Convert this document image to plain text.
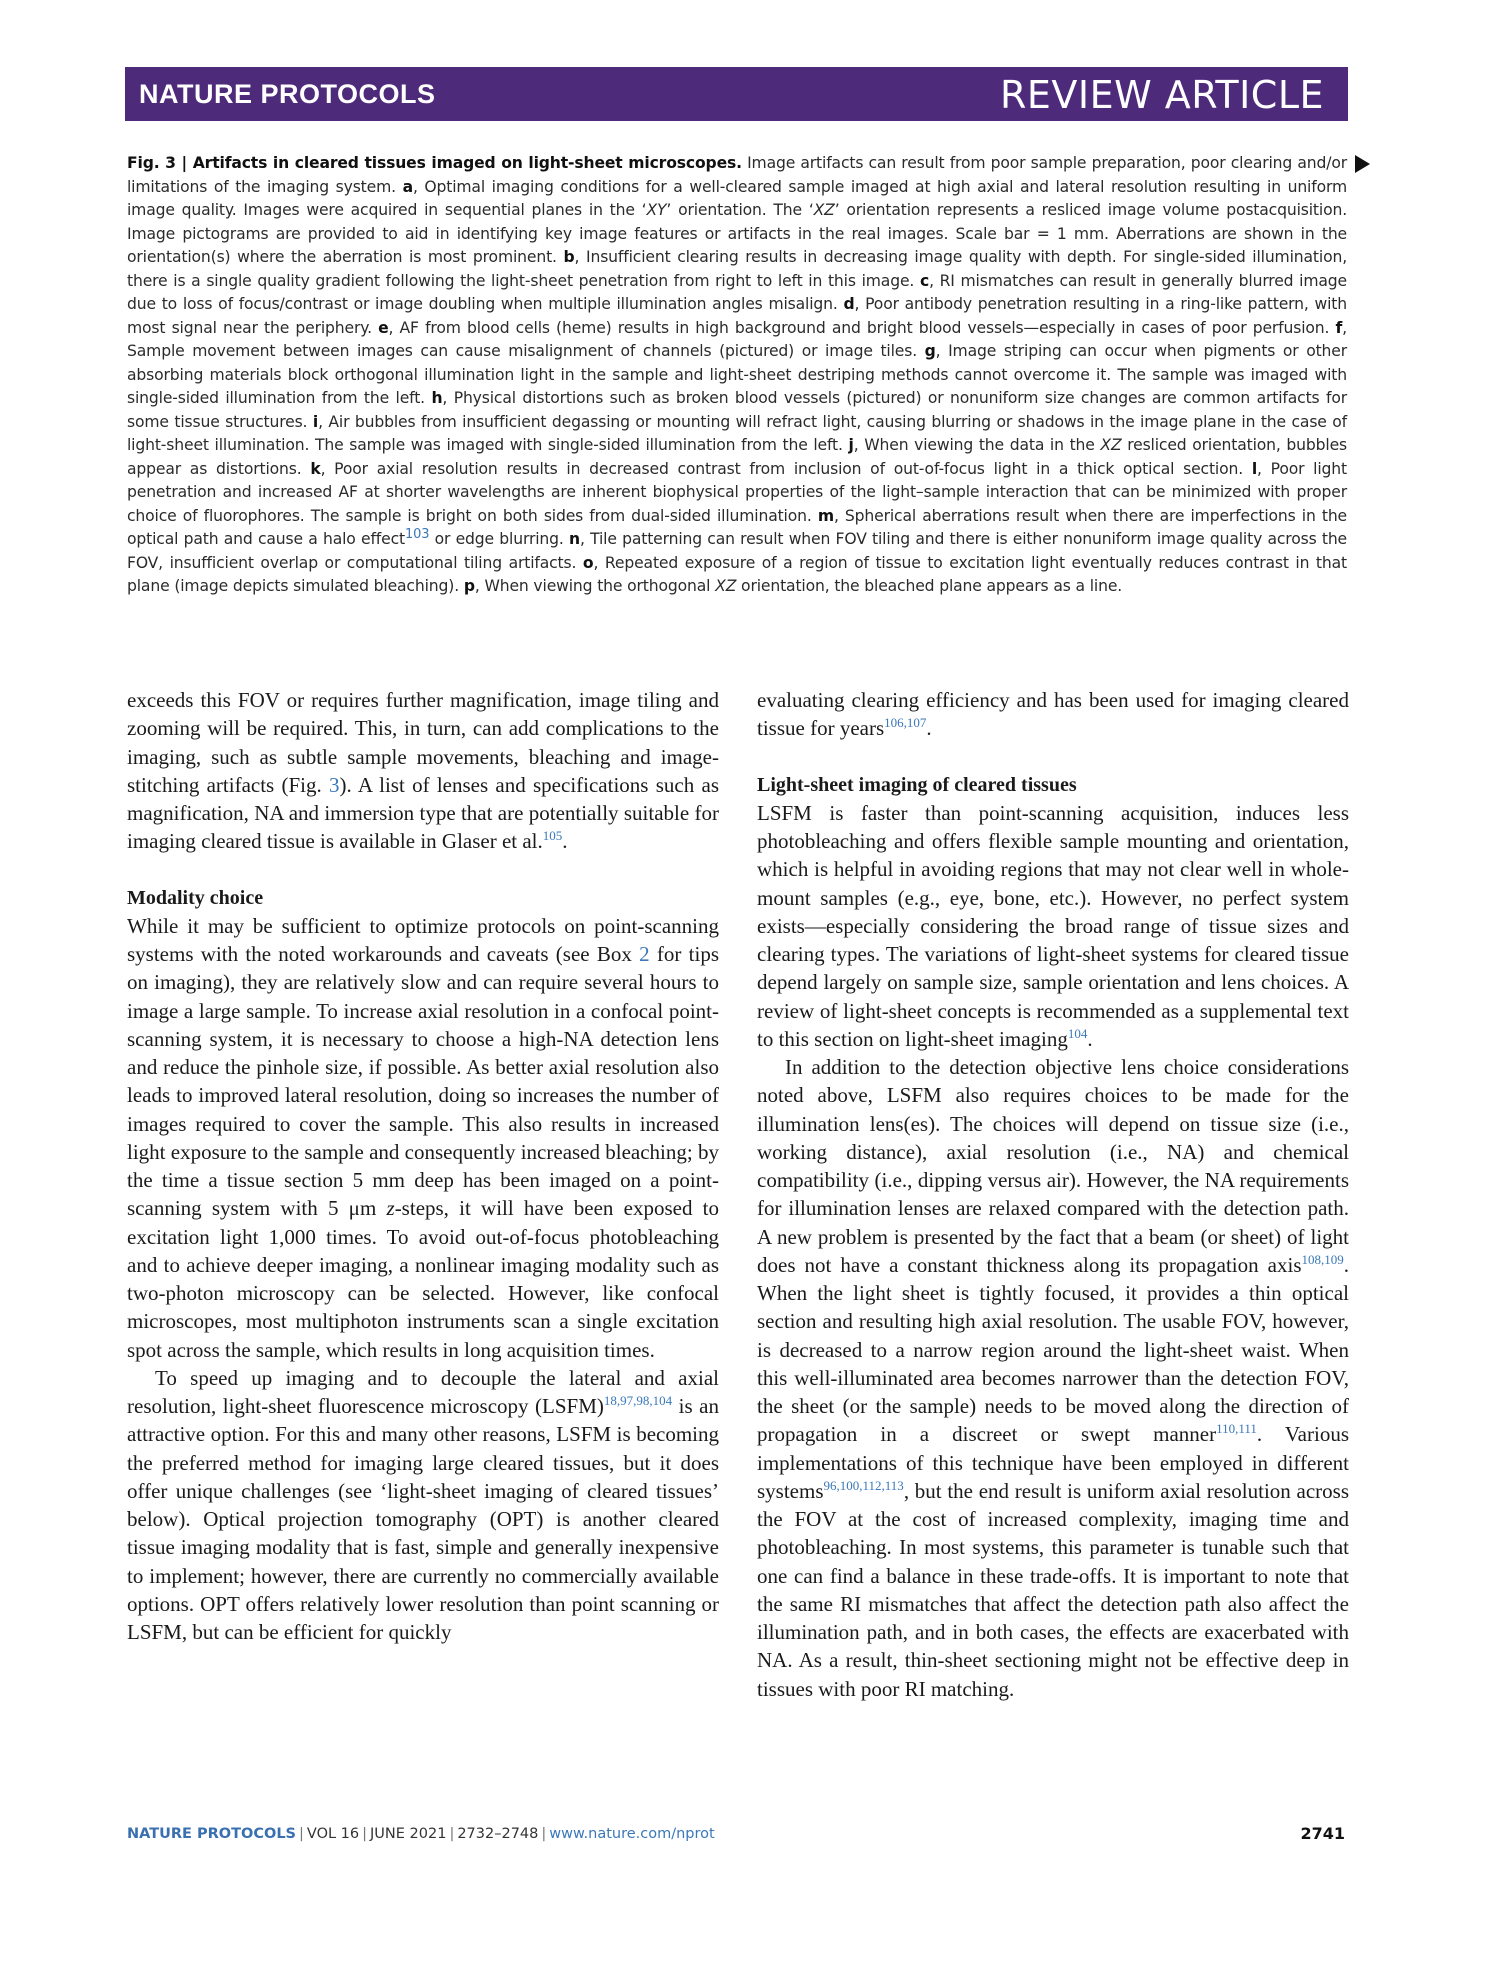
NATURE PROTOCOLS	REVIEW ARTICLE
Fig. 3 | Artifacts in cleared tissues imaged on light-sheet microscopes. Image artifacts can result from poor sample preparation, poor clearing and/or limitations of the imaging system. a, Optimal imaging conditions for a well-cleared sample imaged at high axial and lateral resolution resulting in uniform image quality. Images were acquired in sequential planes in the ‘XY’ orientation. The ‘XZ’ orientation represents a resliced image volume postacquisition. Image pictograms are provided to aid in identifying key image features or artifacts in the real images. Scale bar = 1 mm. Aberrations are shown in the orientation(s) where the aberration is most prominent. b, Insufficient clearing results in decreasing image quality with depth. For single-sided illumination, there is a single quality gradient following the light-sheet penetration from right to left in this image. c, RI mismatches can result in generally blurred image due to loss of focus/contrast or image doubling when multiple illumination angles misalign. d, Poor antibody penetration resulting in a ring-like pattern, with most signal near the periphery. e, AF from blood cells (heme) results in high background and bright blood vessels—especially in cases of poor perfusion. f, Sample movement between images can cause misalignment of channels (pictured) or image tiles. g, Image striping can occur when pigments or other absorbing materials block orthogonal illumination light in the sample and light-sheet destriping methods cannot overcome it. The sample was imaged with single-sided illumination from the left. h, Physical distortions such as broken blood vessels (pictured) or nonuniform size changes are common artifacts for some tissue structures. i, Air bubbles from insufficient degassing or mounting will refract light, causing blurring or shadows in the image plane in the case of light-sheet illumination. The sample was imaged with single-sided illumination from the left. j, When viewing the data in the XZ resliced orientation, bubbles appear as distortions. k, Poor axial resolution results in decreased contrast from inclusion of out-of-focus light in a thick optical section. l, Poor light penetration and increased AF at shorter wavelengths are inherent biophysical properties of the light–sample interaction that can be minimized with proper choice of fluorophores. The sample is bright on both sides from dual-sided illumination. m, Spherical aberrations result when there are imperfections in the optical path and cause a halo effect$^{103}$ or edge blurring. n, Tile patterning can result when FOV tiling and there is either nonuniform image quality across the FOV, insufficient overlap or computational tiling artifacts. o, Repeated exposure of a region of tissue to excitation light eventually reduces contrast in that plane (image depicts simulated bleaching). p, When viewing the orthogonal XZ orientation, the bleached plane appears as a line.

exceeds this FOV or requires further magnification, image tiling and zooming will be required. This, in turn, can add complications to the imaging, such as subtle sample movements, bleaching and image-stitching artifacts (Fig. 3). A list of lenses and specifications such as magnification, NA and immersion type that are potentially suitable for imaging cleared tissue is available in Glaser et al.$^{105}$.

Modality choice

While it may be sufficient to optimize protocols on point-scanning systems with the noted workarounds and caveats (see Box 2 for tips on imaging), they are relatively slow and can require several hours to image a large sample. To increase axial resolution in a confocal point-scanning system, it is necessary to choose a high-NA detection lens and reduce the pinhole size, if possible. As better axial resolution also leads to improved lateral resolution, doing so increases the number of images required to cover the sample. This also results in increased light exposure to the sample and consequently increased bleaching; by the time a tissue section 5 mm deep has been imaged on a point-scanning system with 5 μm z-steps, it will have been exposed to excitation light 1,000 times. To avoid out-of-focus photobleaching and to achieve deeper imaging, a nonlinear imaging modality such as two-photon microscopy can be selected. However, like confocal microscopes, most multiphoton instruments scan a single excitation spot across the sample, which results in long acquisition times.

To speed up imaging and to decouple the lateral and axial resolution, light-sheet fluorescence microscopy (LSFM)$^{18,97,98,104}$ is an attractive option. For this and many other reasons, LSFM is becoming the preferred method for imaging large cleared tissues, but it does offer unique challenges (see ‘light-sheet imaging of cleared tissues’ below). Optical projection tomography (OPT) is another cleared tissue imaging modality that is fast, simple and generally inexpensive to implement; however, there are currently no commercially available options. OPT offers relatively lower resolution than point scanning or LSFM, but can be efficient for quickly

evaluating clearing efficiency and has been used for imaging cleared tissue for years$^{106,107}$.

Light-sheet imaging of cleared tissues

LSFM is faster than point-scanning acquisition, induces less photobleaching and offers flexible sample mounting and orientation, which is helpful in avoiding regions that may not clear well in whole-mount samples (e.g., eye, bone, etc.). However, no perfect system exists—especially considering the broad range of tissue sizes and clearing types. The variations of light-sheet systems for cleared tissue depend largely on sample size, sample orientation and lens choices. A review of light-sheet concepts is recommended as a supplemental text to this section on light-sheet imaging$^{104}$.

In addition to the detection objective lens choice considerations noted above, LSFM also requires choices to be made for the illumination lens(es). The choices will depend on tissue size (i.e., working distance), axial resolution (i.e., NA) and chemical compatibility (i.e., dipping versus air). However, the NA requirements for illumination lenses are relaxed compared with the detection path. A new problem is presented by the fact that a beam (or sheet) of light does not have a constant thickness along its propagation axis$^{108,109}$. When the light sheet is tightly focused, it provides a thin optical section and resulting high axial resolution. The usable FOV, however, is decreased to a narrow region around the light-sheet waist. When this well-illuminated area becomes narrower than the detection FOV, the sheet (or the sample) needs to be moved along the direction of propagation in a discreet or swept manner$^{110,111}$. Various implementations of this technique have been employed in different systems$^{96,100,112,113}$, but the end result is uniform axial resolution across the FOV at the cost of increased complexity, imaging time and photobleaching. In most systems, this parameter is tunable such that one can find a balance in these trade-offs. It is important to note that the same RI mismatches that affect the detection path also affect the illumination path, and in both cases, the effects are exacerbated with NA. As a result, thin-sheet sectioning might not be effective deep in tissues with poor RI matching.

NATURE PROTOCOLS | VOL 16 | JUNE 2021 | 2732–2748 | www.nature.com/nprot	2741
